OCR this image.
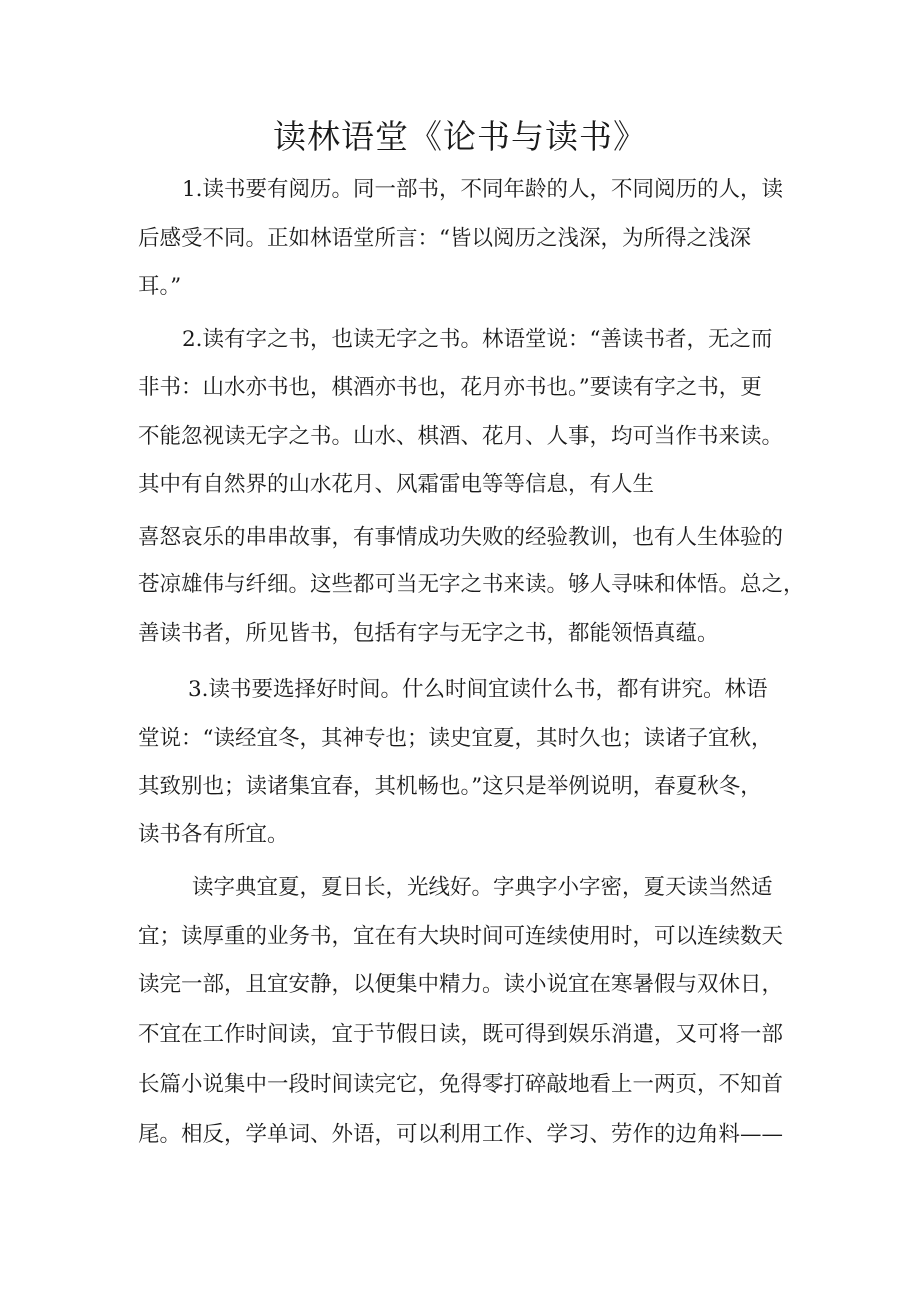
读林语堂《论书与读书》

1.读书要有阅历。同一部书，不同年龄的人，不同阅历的人，读

后感受不同。正如林语堂所言：“皆以阅历之浅深，为所得之浅深

耳。”

2.读有字之书，也读无字之书。林语堂说：“善读书者，无之而

非书：山水亦书也，棋酒亦书也，花月亦书也。”要读有字之书，更

不能忽视读无字之书。山水、棋酒、花月、人事，均可当作书来读。

其中有自然界的山水花月、风霜雷电等等信息，有人生

喜怒哀乐的串串故事，有事情成功失败的经验教训，也有人生体验的

苍凉雄伟与纤细。这些都可当无字之书来读。够人寻味和体悟。总之，

善读书者，所见皆书，包括有字与无字之书，都能领悟真蕴。

3.读书要选择好时间。什么时间宜读什么书，都有讲究。林语

堂说：“读经宜冬，其神专也；读史宜夏，其时久也；读诸子宜秋，

其致别也；读诸集宜春，其机畅也。”这只是举例说明，春夏秋冬，

读书各有所宜。

读字典宜夏，夏日长，光线好。字典字小字密，夏天读当然适

宜；读厚重的业务书，宜在有大块时间可连续使用时，可以连续数天

读完一部，且宜安静，以便集中精力。读小说宜在寒暑假与双休日，

不宜在工作时间读，宜于节假日读，既可得到娱乐消遣，又可将一部

长篇小说集中一段时间读完它，免得零打碎敲地看上一两页，不知首

尾。相反，学单词、外语，可以利用工作、学习、劳作的边角料——
